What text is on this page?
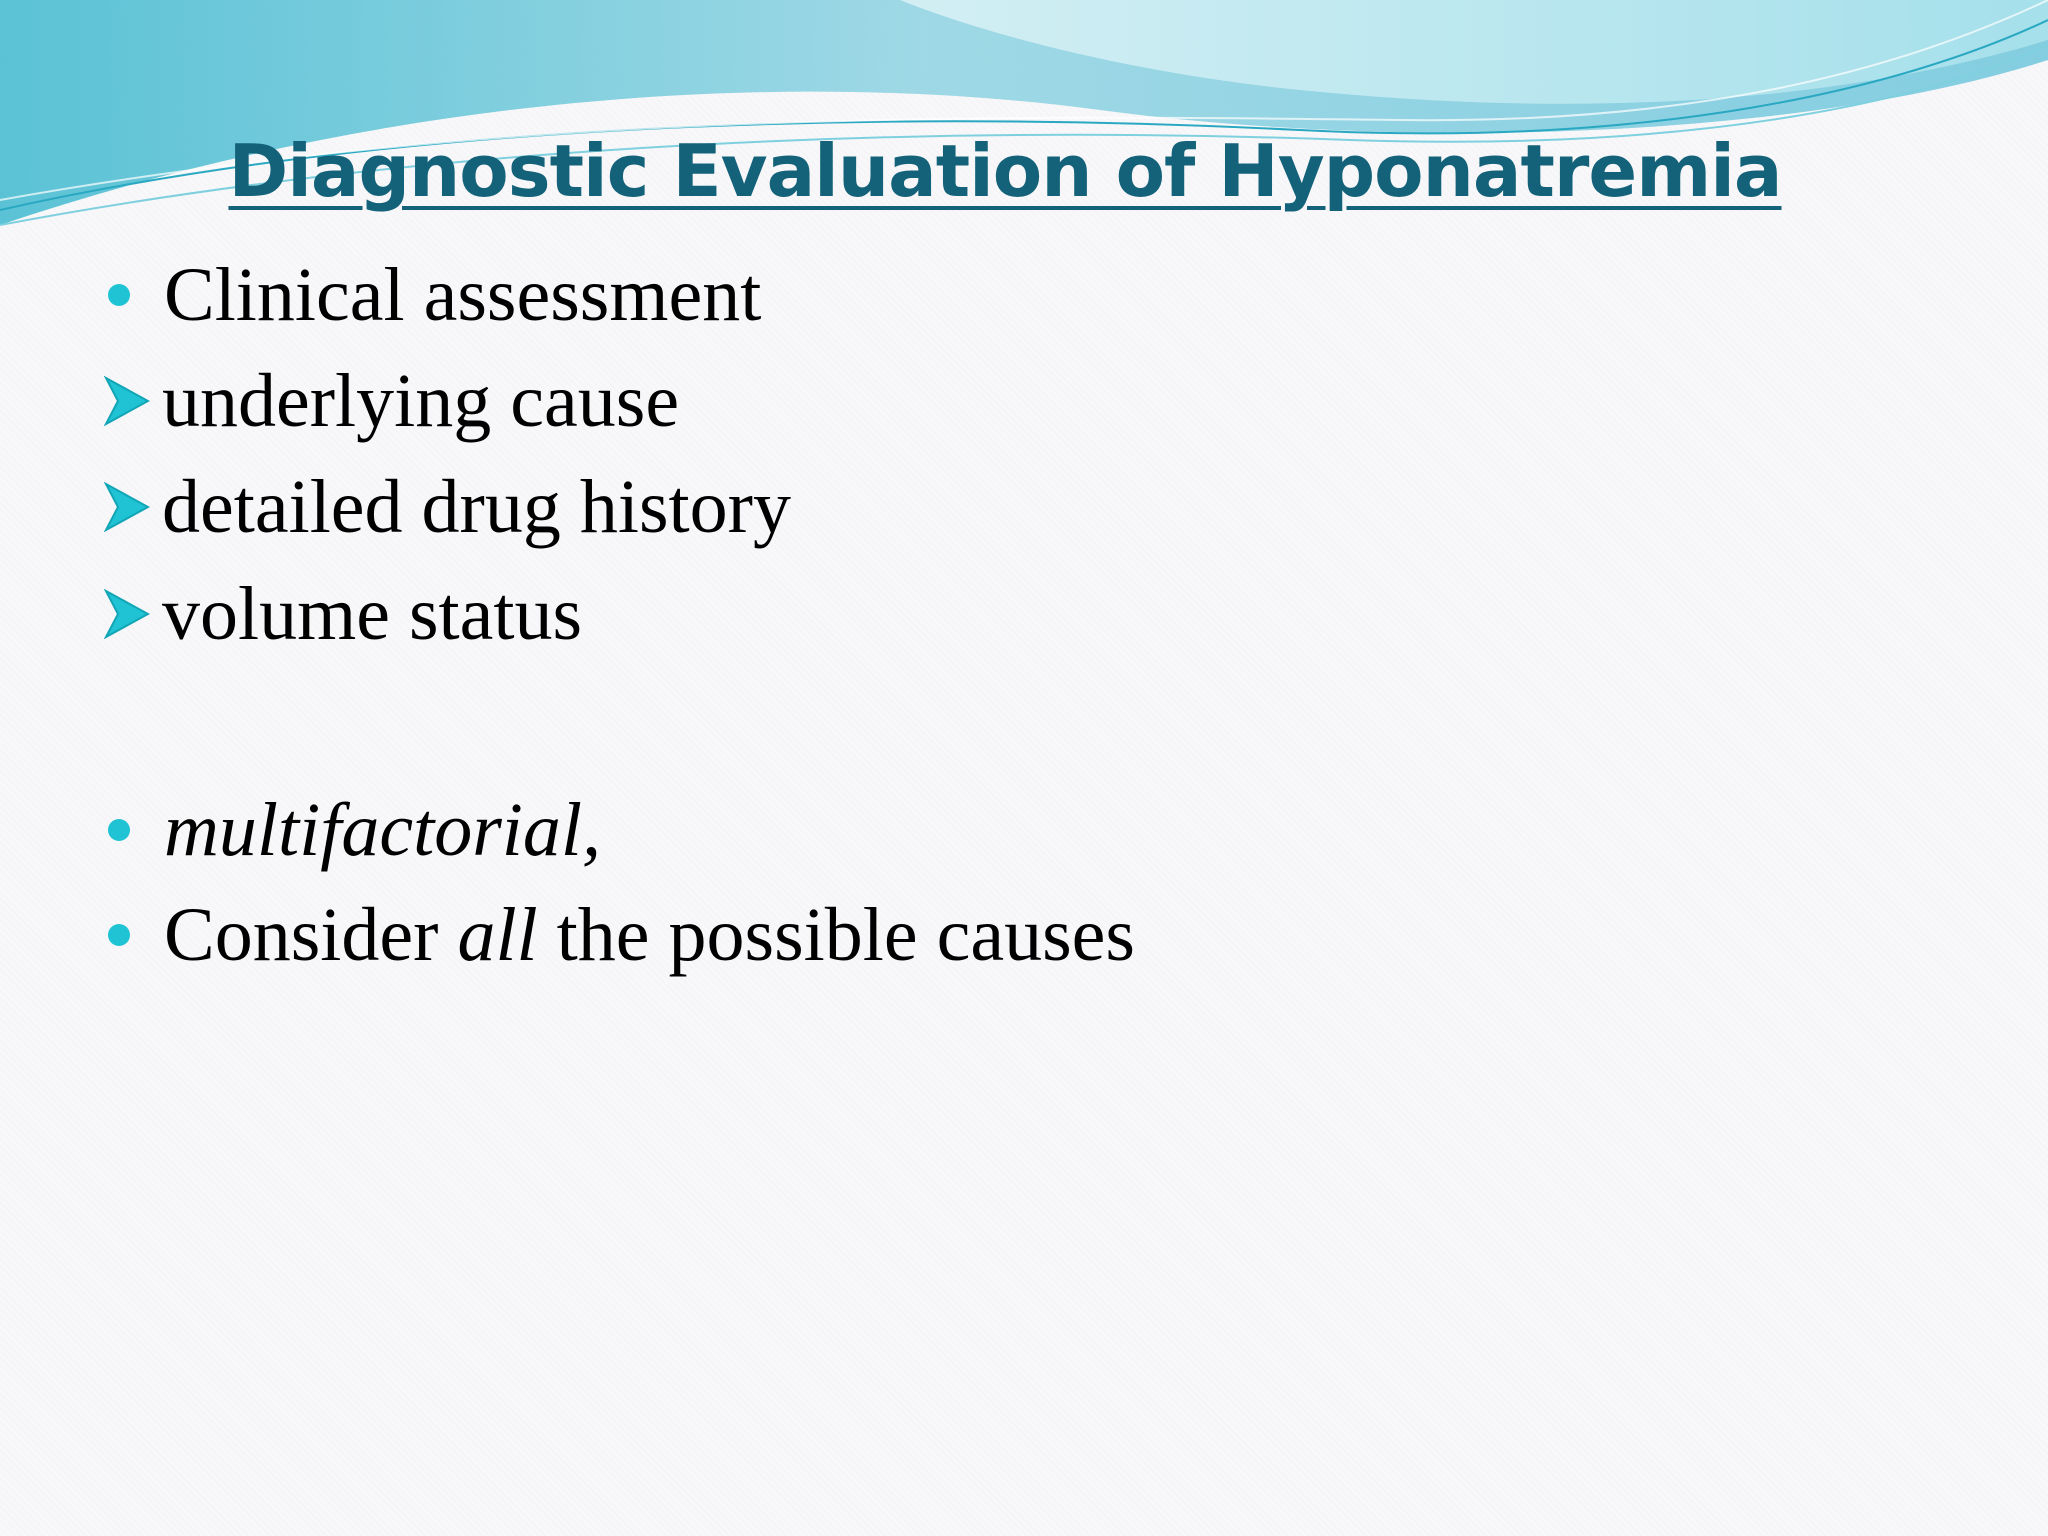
Diagnostic Evaluation of Hyponatremia
Clinical assessment
underlying cause
detailed drug history
volume status
multifactorial,
Consider all the possible causes
